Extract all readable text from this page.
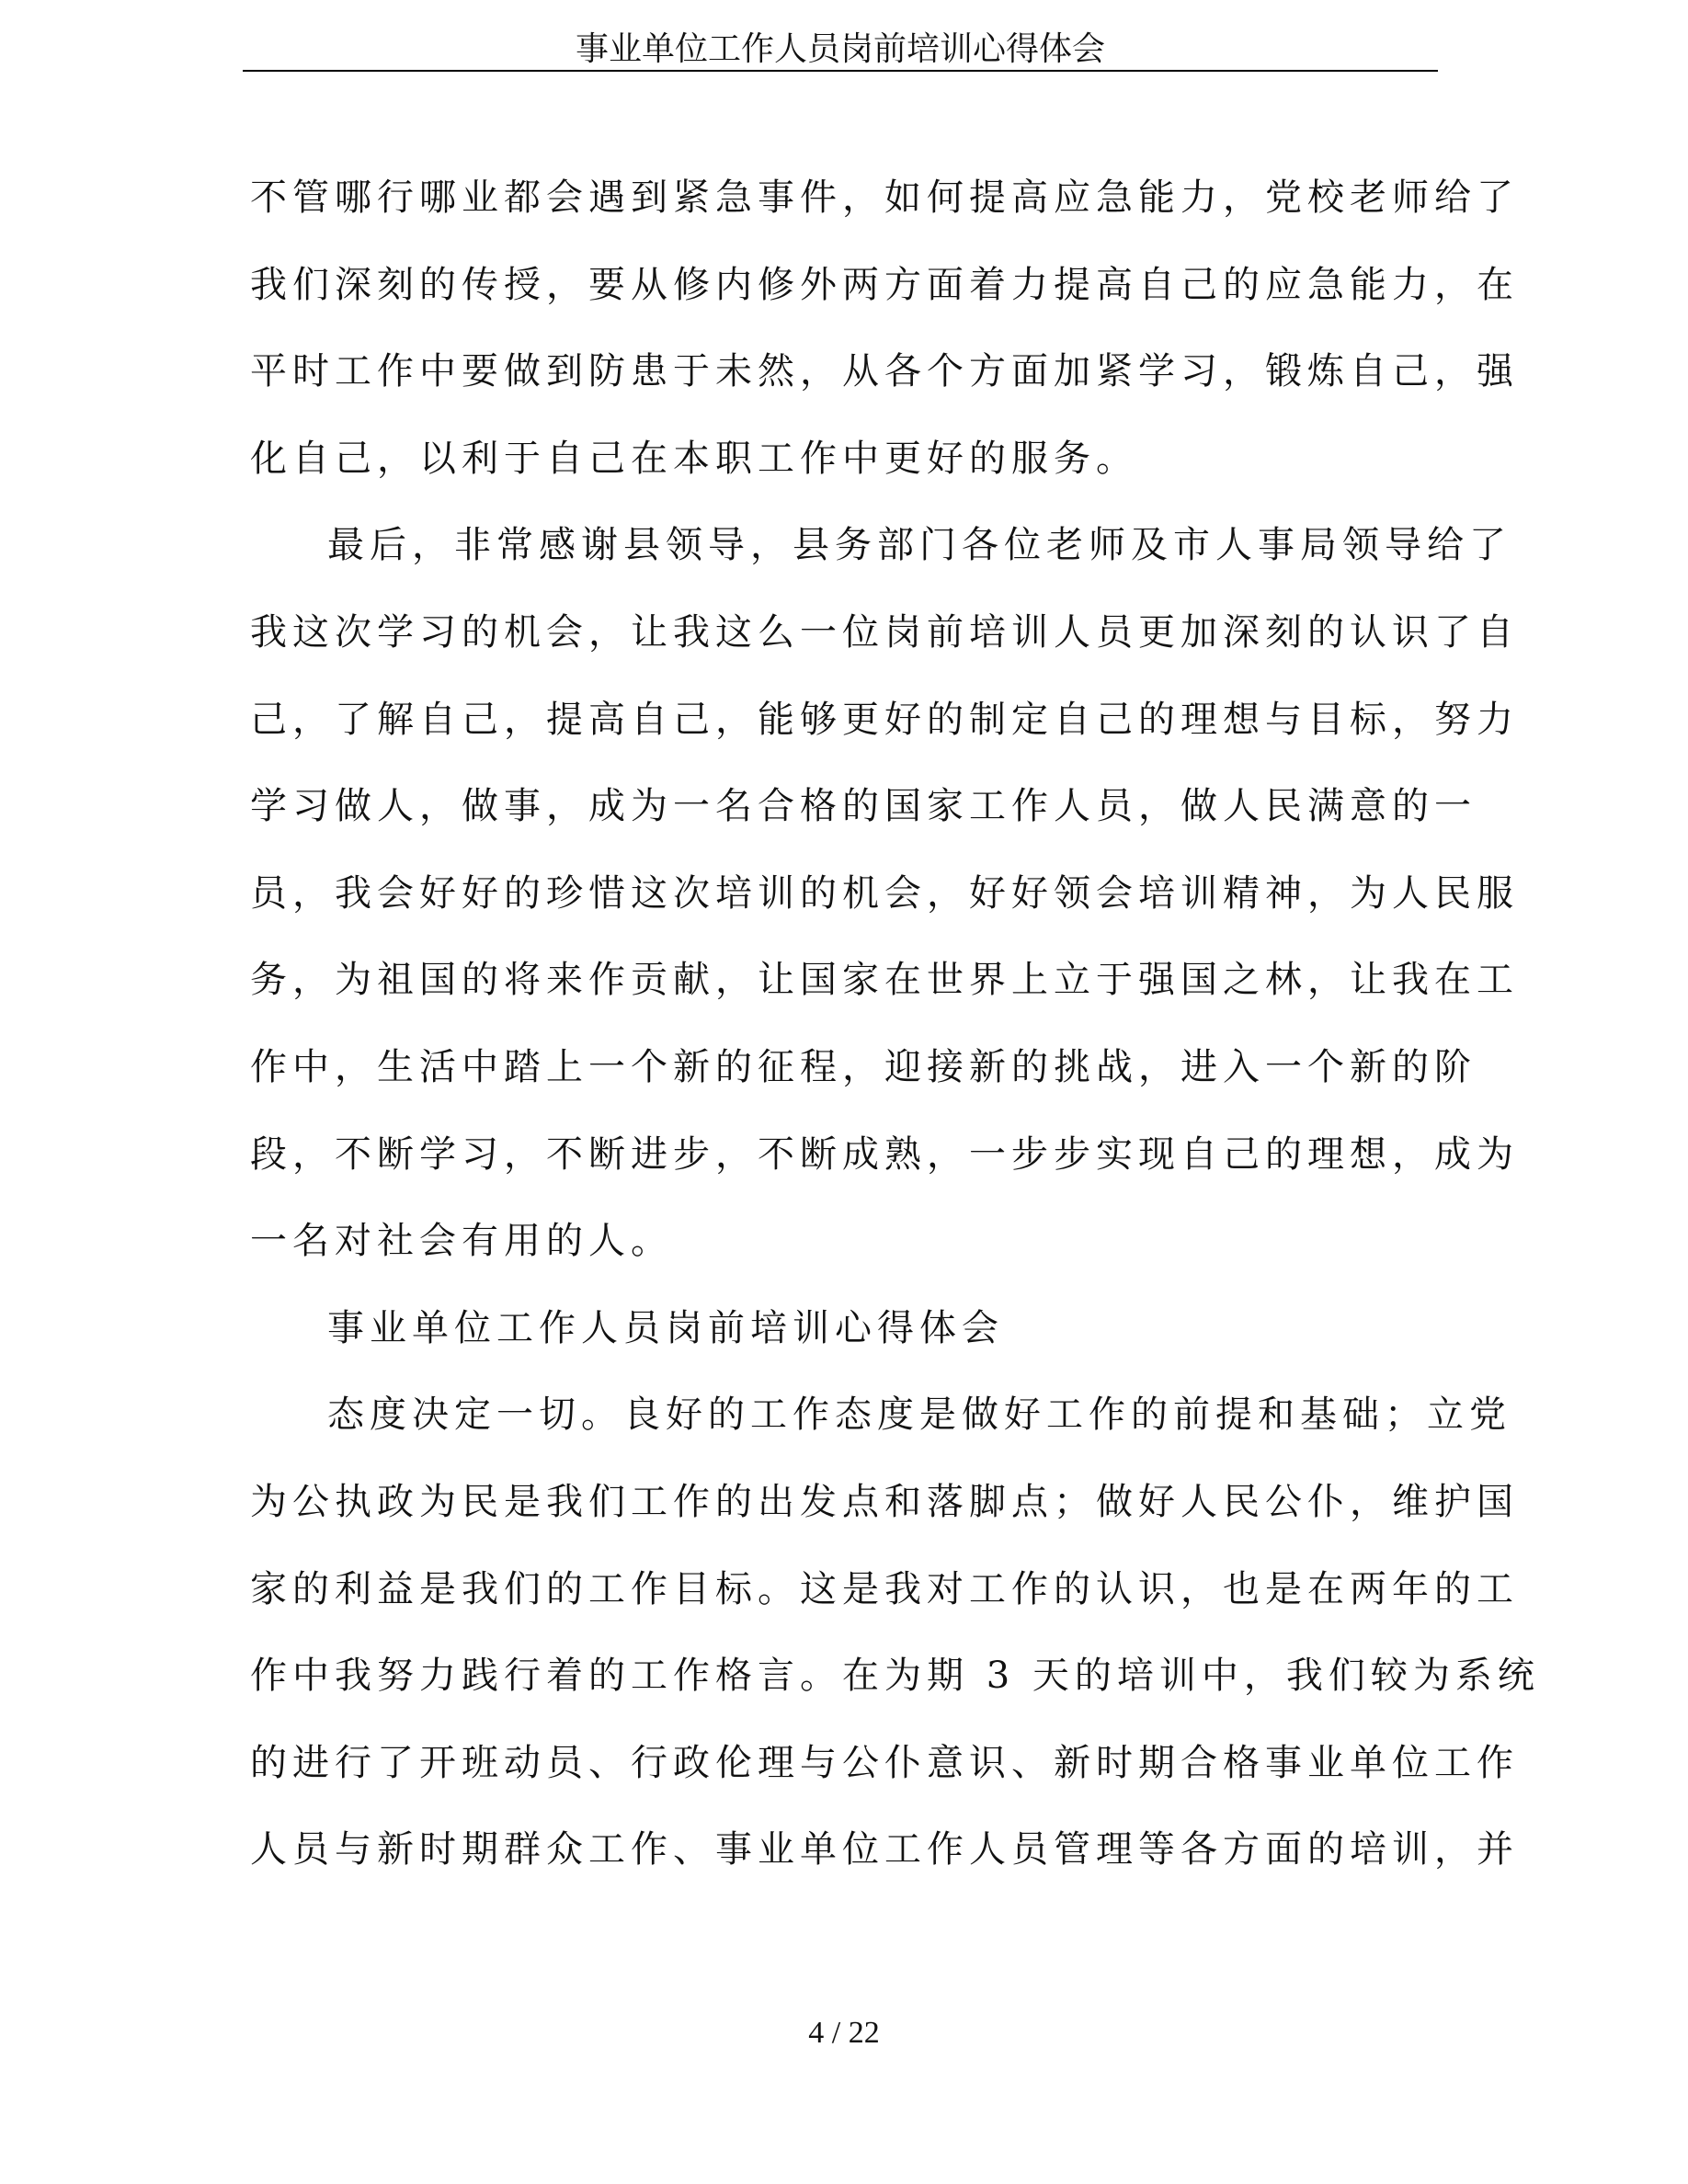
事业单位工作人员岗前培训心得体会
不管哪行哪业都会遇到紧急事件，如何提高应急能力，党校老师给了
我们深刻的传授，要从修内修外两方面着力提高自己的应急能力，在
平时工作中要做到防患于未然，从各个方面加紧学习，锻炼自己，强
化自己，以利于自己在本职工作中更好的服务。
最后，非常感谢县领导，县务部门各位老师及市人事局领导给了
我这次学习的机会，让我这么一位岗前培训人员更加深刻的认识了自
己，了解自己，提高自己，能够更好的制定自己的理想与目标，努力
学习做人，做事，成为一名合格的国家工作人员，做人民满意的一
员，我会好好的珍惜这次培训的机会，好好领会培训精神，为人民服
务，为祖国的将来作贡献，让国家在世界上立于强国之林，让我在工
作中，生活中踏上一个新的征程，迎接新的挑战，进入一个新的阶
段，不断学习，不断进步，不断成熟，一步步实现自己的理想，成为
一名对社会有用的人。
事业单位工作人员岗前培训心得体会
态度决定一切。良好的工作态度是做好工作的前提和基础；立党
为公执政为民是我们工作的出发点和落脚点；做好人民公仆，维护国
家的利益是我们的工作目标。这是我对工作的认识，也是在两年的工
作中我努力践行着的工作格言。在为期 3 天的培训中，我们较为系统
的进行了开班动员、行政伦理与公仆意识、新时期合格事业单位工作
人员与新时期群众工作、事业单位工作人员管理等各方面的培训，并
4 / 22
